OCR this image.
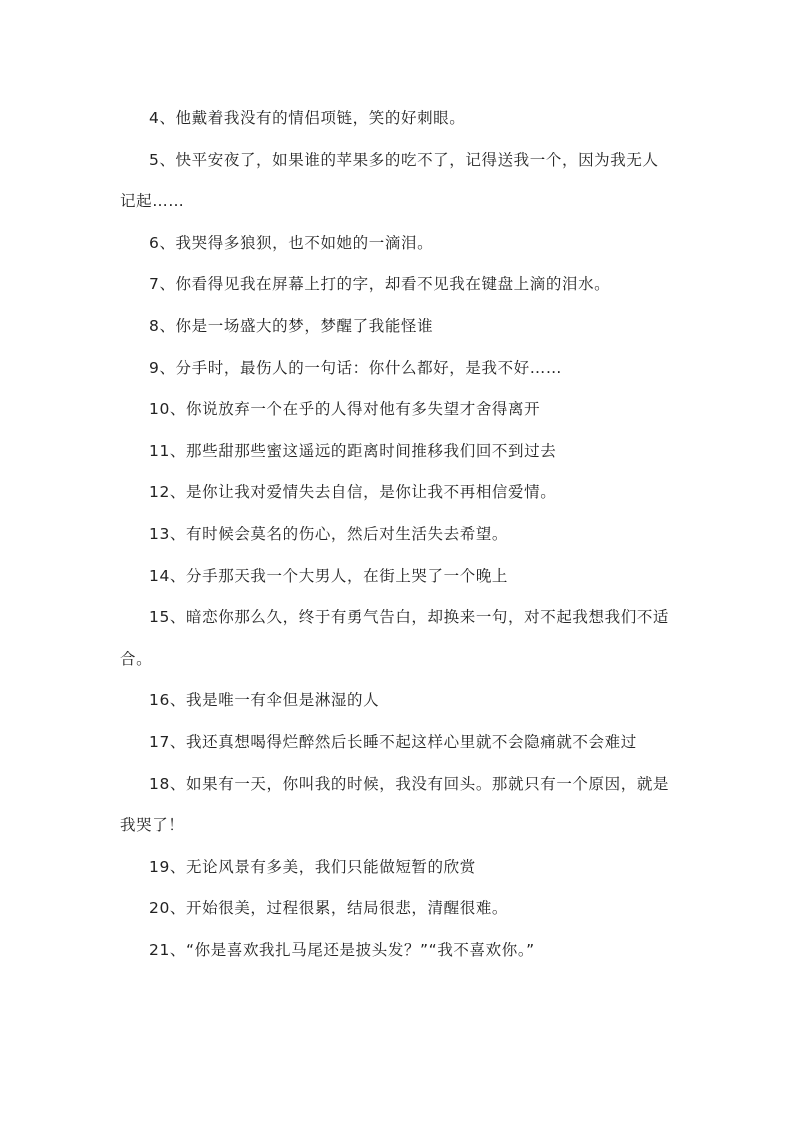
4、他戴着我没有的情侣项链，笑的好刺眼。

5、快平安夜了，如果谁的苹果多的吃不了，记得送我一个，因为我无人记起……

6、我哭得多狼狈，也不如她的一滴泪。

7、你看得见我在屏幕上打的字，却看不见我在键盘上滴的泪水。

8、你是一场盛大的梦，梦醒了我能怪谁

9、分手时，最伤人的一句话：你什么都好，是我不好……

10、你说放弃一个在乎的人得对他有多失望才舍得离开

11、那些甜那些蜜这遥远的距离时间推移我们回不到过去

12、是你让我对爱情失去自信，是你让我不再相信爱情。

13、有时候会莫名的伤心，然后对生活失去希望。

14、分手那天我一个大男人，在街上哭了一个晚上

15、暗恋你那么久，终于有勇气告白，却换来一句，对不起我想我们不适合。

16、我是唯一有伞但是淋湿的人

17、我还真想喝得烂醉然后长睡不起这样心里就不会隐痛就不会难过

18、如果有一天，你叫我的时候，我没有回头。那就只有一个原因，就是我哭了！

19、无论风景有多美，我们只能做短暂的欣赏

20、开始很美，过程很累，结局很悲，清醒很难。

21、“你是喜欢我扎马尾还是披头发？”“我不喜欢你。”
